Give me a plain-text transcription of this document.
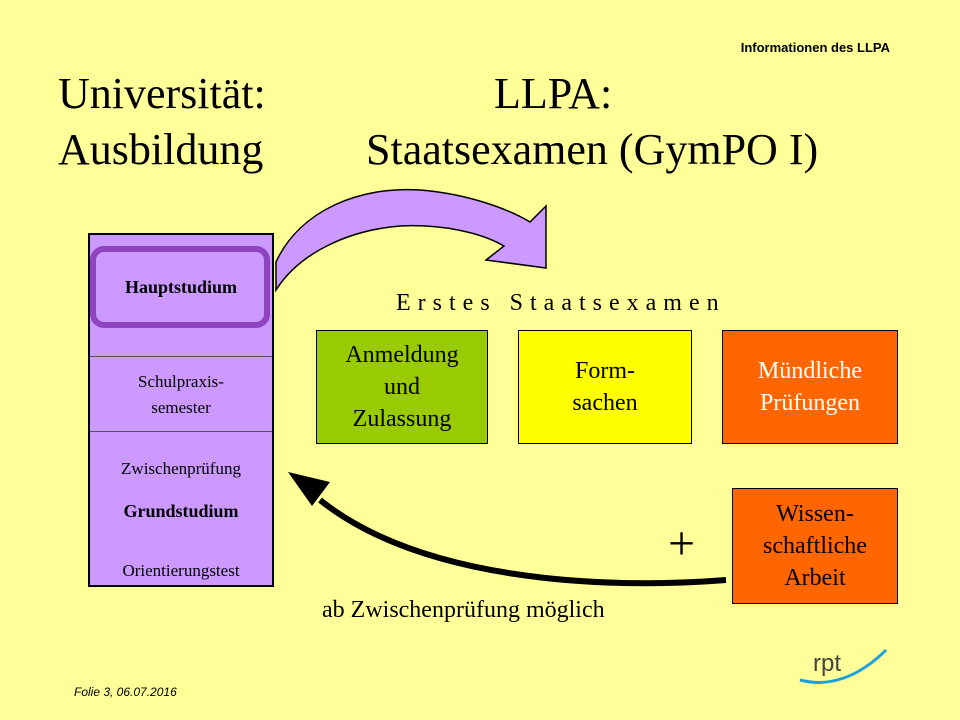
Informationen des LLPA
Universität:
Ausbildung
LLPA:
Staatsexamen (GymPO I)
Hauptstudium
Schulpraxis-
semester
Zwischenprüfung
Grundstudium
Orientierungstest
Erstes Staatsexamen
Anmeldung
und
Zulassung
Form-
sachen
Mündliche
Prüfungen
Wissen-
schaftliche
Arbeit
+
ab Zwischenprüfung möglich
Folie 3, 06.07.2016
rpt
